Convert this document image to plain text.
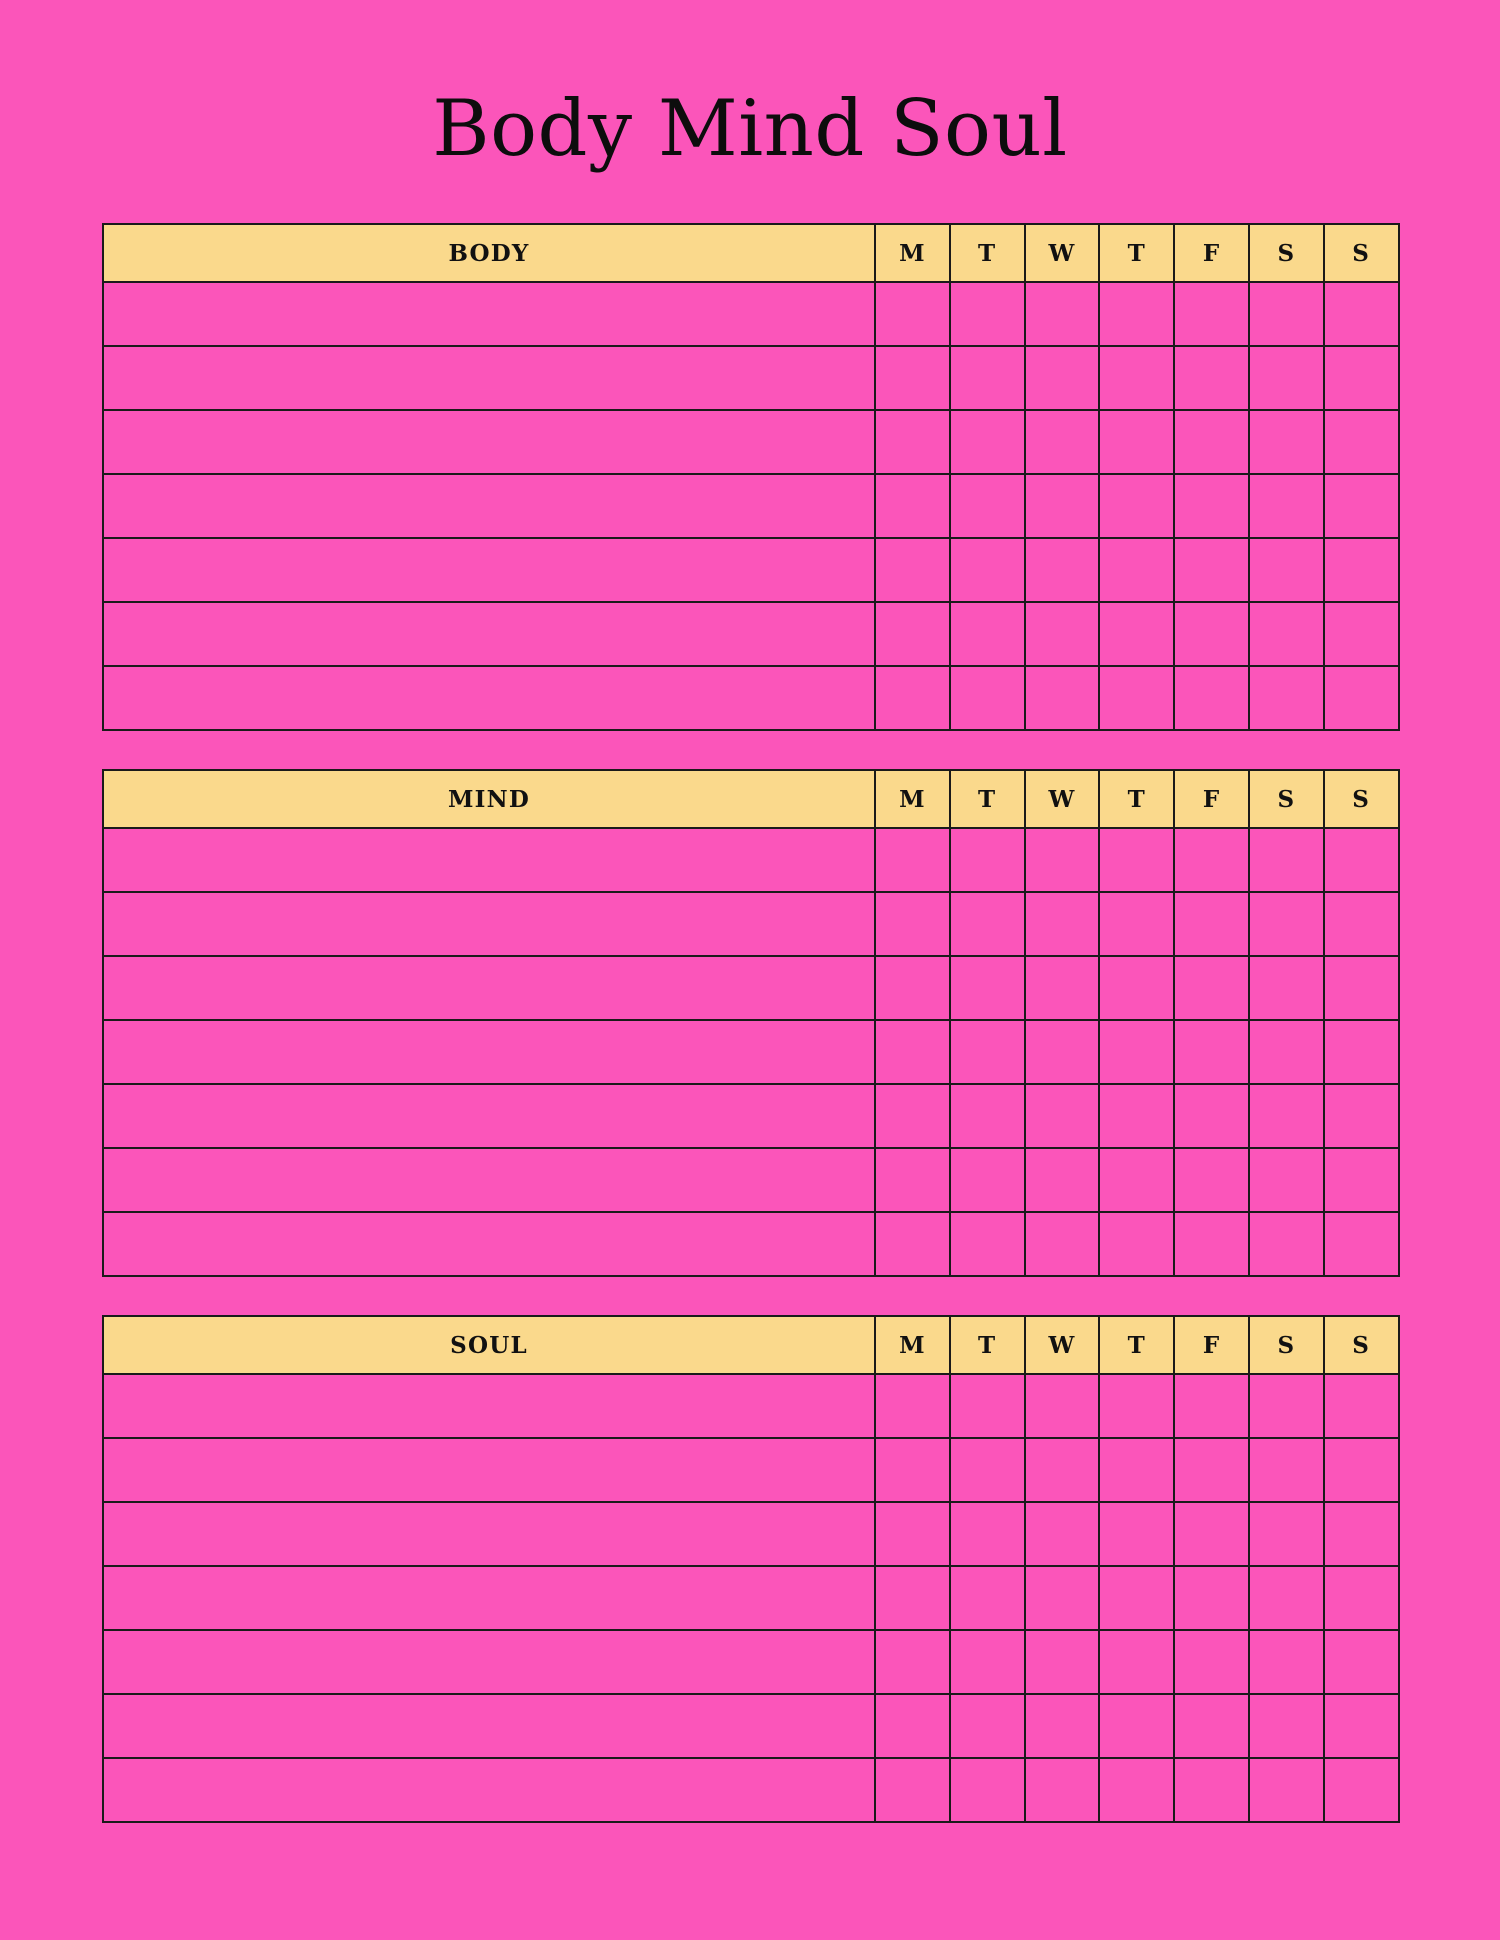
Body Mind Soul
BODY	M	T	W	T	F	S	S

MIND	M	T	W	T	F	S	S

SOUL	M	T	W	T	F	S	S
